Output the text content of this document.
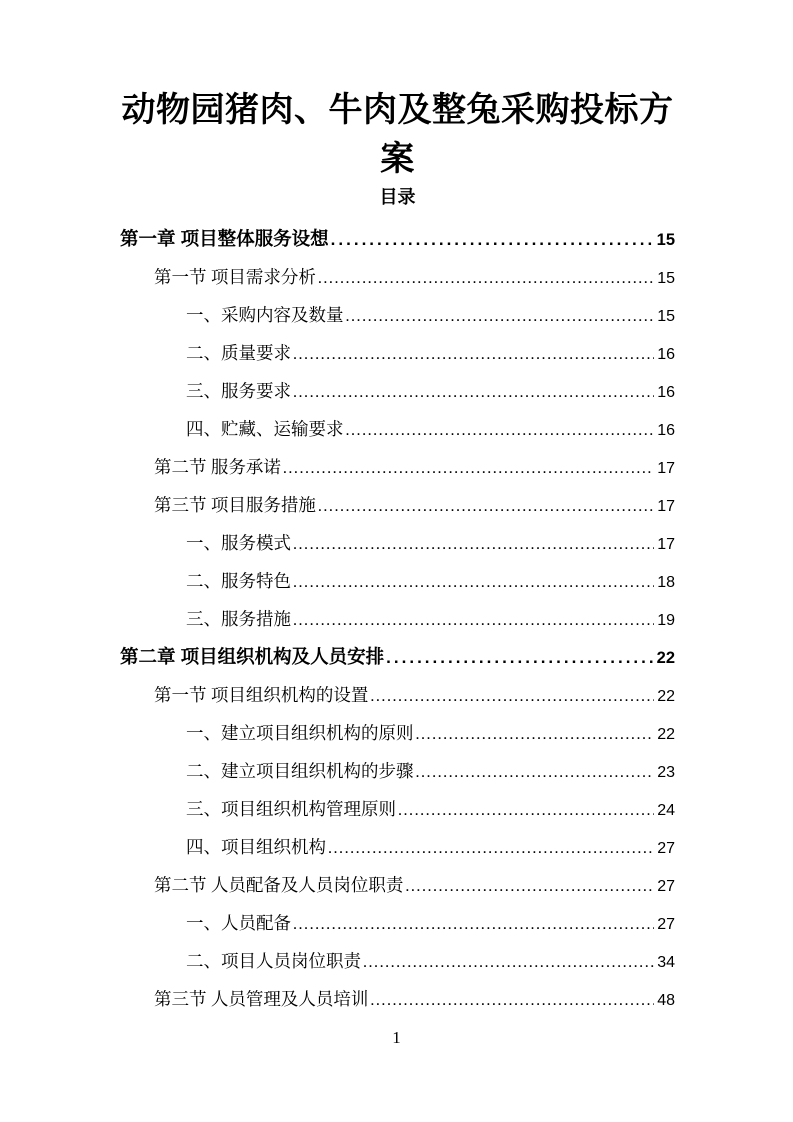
动物园猪肉、牛肉及整兔采购投标方案
目录
第一章 项目整体服务设想 .....	15
第一节 项目需求分析 .....	15
一、采购内容及数量 .....	15
二、质量要求 .....	16
三、服务要求 .....	16
四、贮藏、运输要求 .....	16
第二节 服务承诺 .....	17
第三节 项目服务措施 .....	17
一、服务模式 .....	17
二、服务特色 .....	18
三、服务措施 .....	19
第二章 项目组织机构及人员安排 .....	22
第一节 项目组织机构的设置 .....	22
一、建立项目组织机构的原则 .....	22
二、建立项目组织机构的步骤 .....	23
三、项目组织机构管理原则 .....	24
四、项目组织机构 .....	27
第二节 人员配备及人员岗位职责 .....	27
一、人员配备 .....	27
二、项目人员岗位职责 .....	34
第三节 人员管理及人员培训 .....	48
1
